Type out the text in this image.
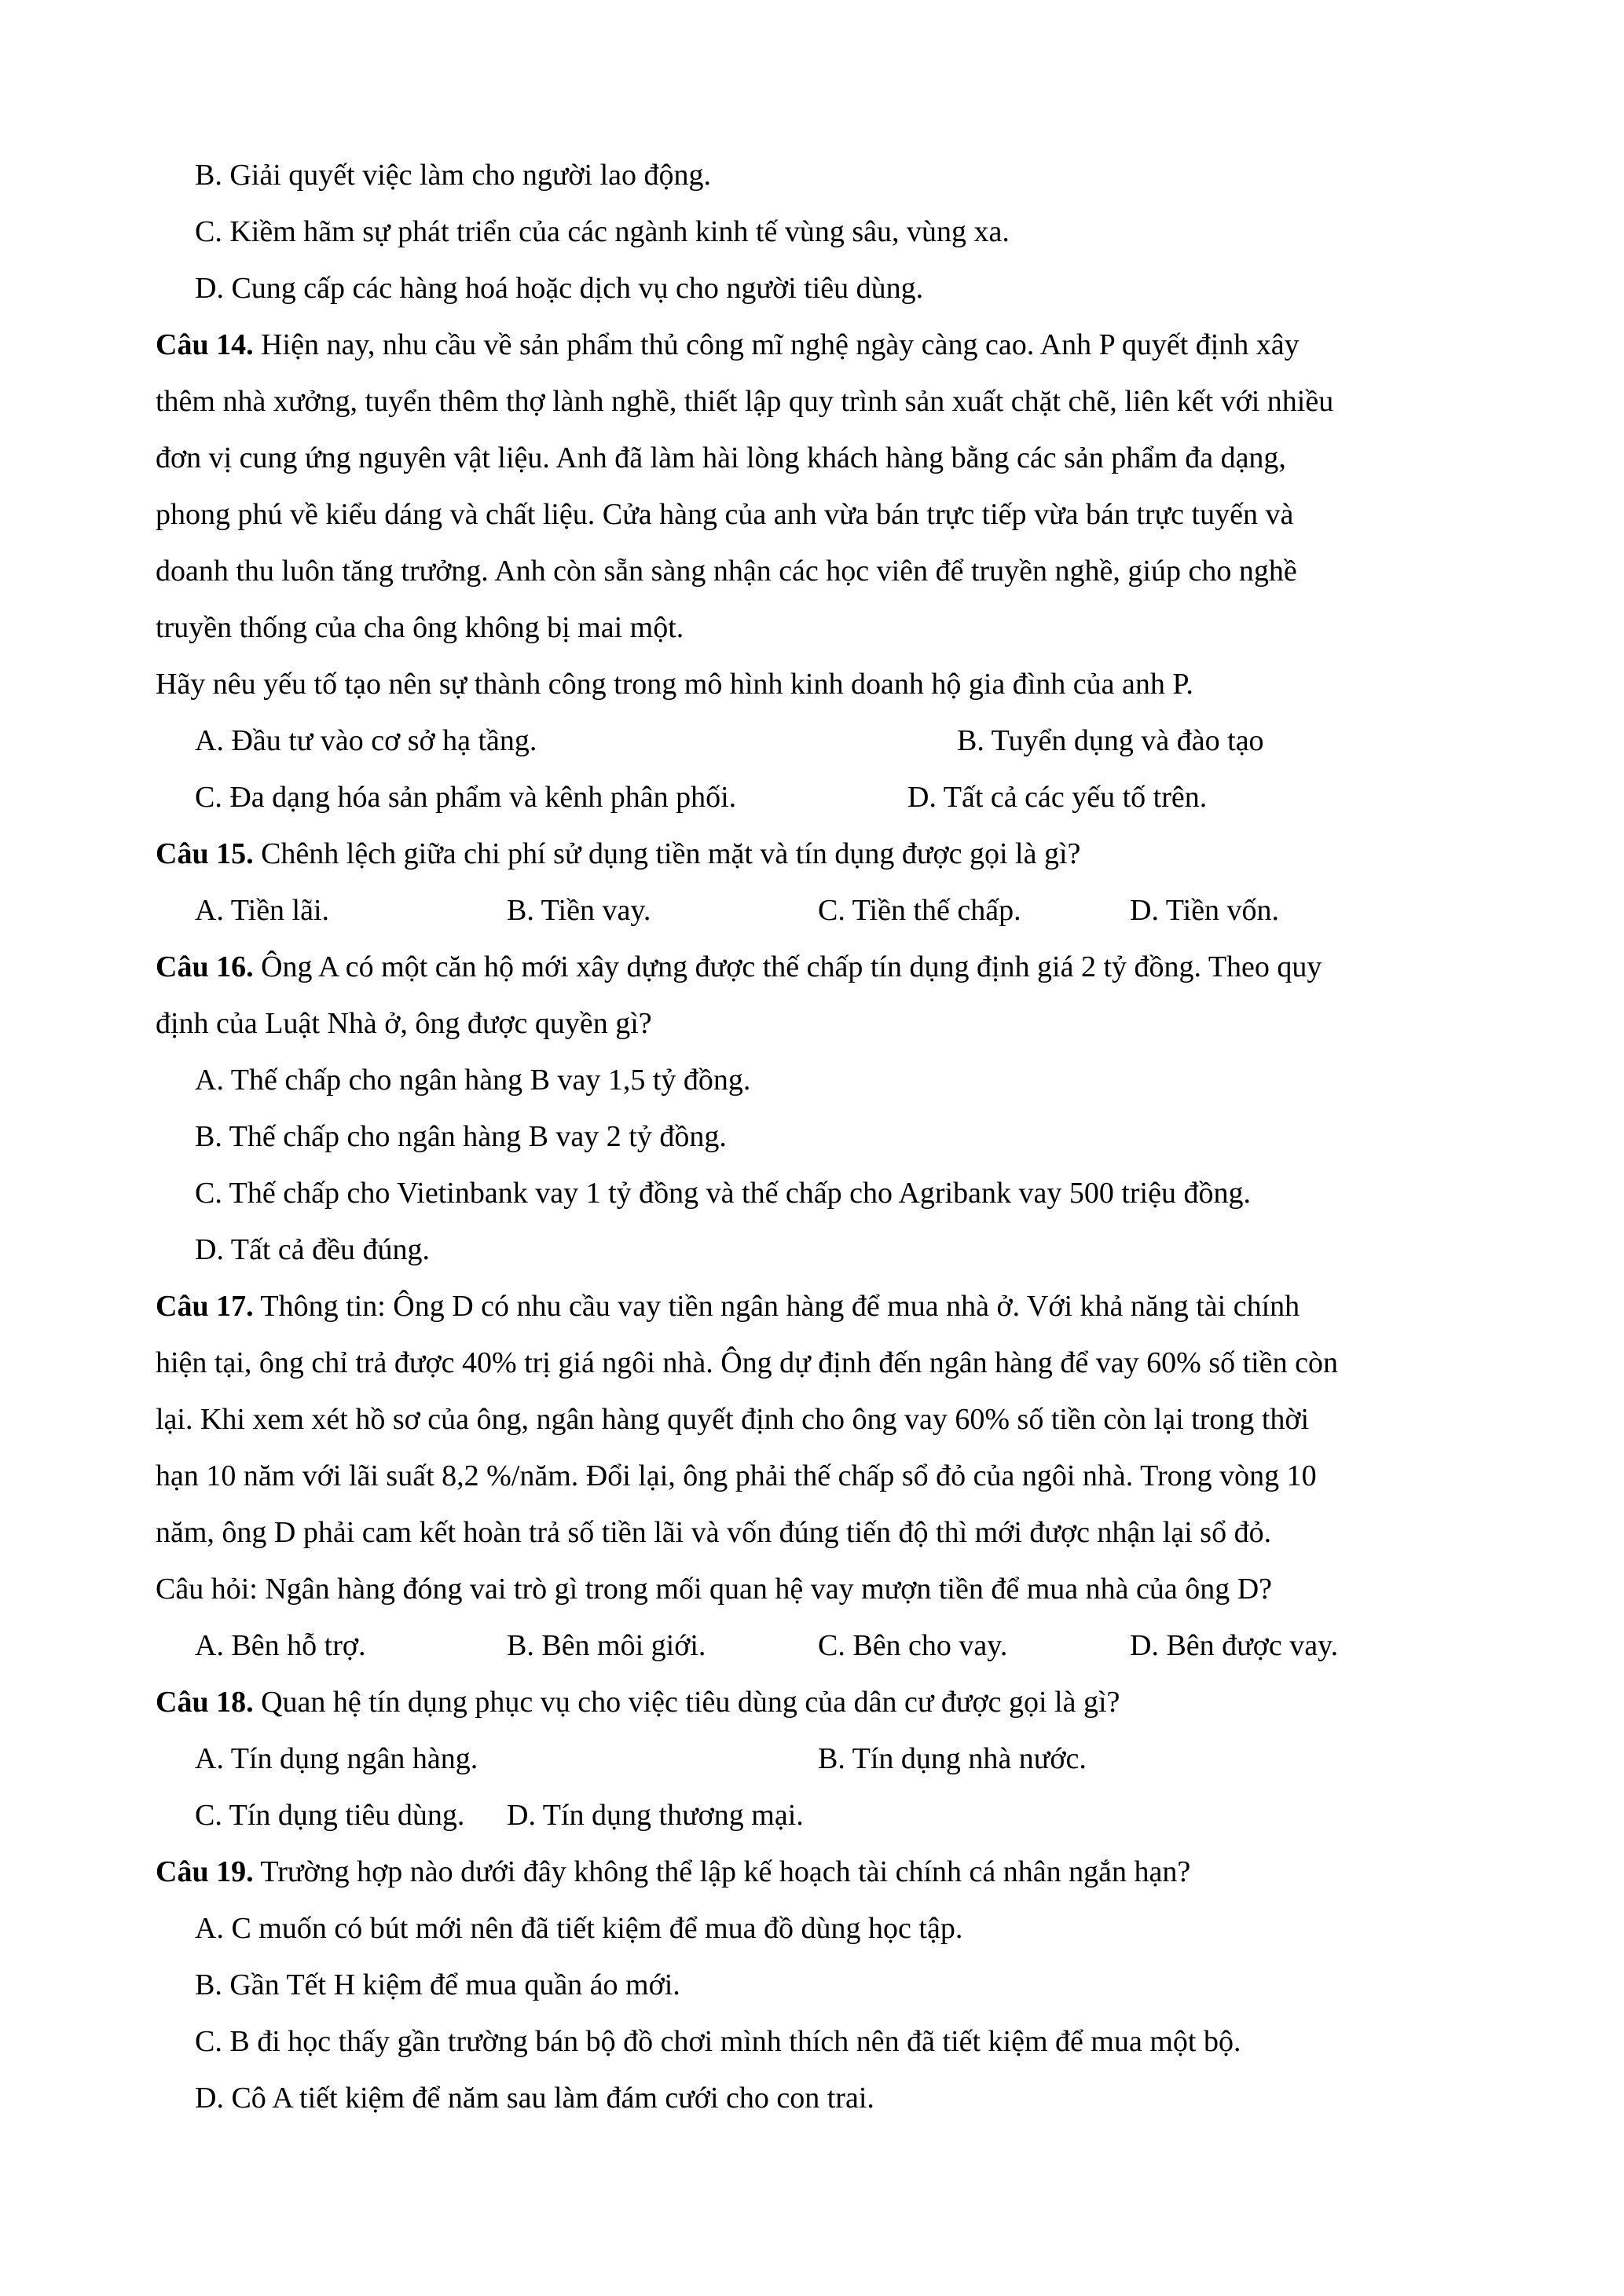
B. Giải quyết việc làm cho người lao động.
C. Kiềm hãm sự phát triển của các ngành kinh tế vùng sâu, vùng xa.
D. Cung cấp các hàng hoá hoặc dịch vụ cho người tiêu dùng.
Câu 14. Hiện nay, nhu cầu về sản phẩm thủ công mĩ nghệ ngày càng cao. Anh P quyết định xây
thêm nhà xưởng, tuyển thêm thợ lành nghề, thiết lập quy trình sản xuất chặt chẽ, liên kết với nhiều
đơn vị cung ứng nguyên vật liệu. Anh đã làm hài lòng khách hàng bằng các sản phẩm đa dạng,
phong phú về kiểu dáng và chất liệu. Cửa hàng của anh vừa bán trực tiếp vừa bán trực tuyến và
doanh thu luôn tăng trưởng. Anh còn sẵn sàng nhận các học viên để truyền nghề, giúp cho nghề
truyền thống của cha ông không bị mai một.
Hãy nêu yếu tố tạo nên sự thành công trong mô hình kinh doanh hộ gia đình của anh P.
A. Đầu tư vào cơ sở hạ tầng.	B. Tuyển dụng và đào tạo
C. Đa dạng hóa sản phẩm và kênh phân phối.	D. Tất cả các yếu tố trên.
Câu 15. Chênh lệch giữa chi phí sử dụng tiền mặt và tín dụng được gọi là gì?
A. Tiền lãi.	B. Tiền vay.	C. Tiền thế chấp.	D. Tiền vốn.
Câu 16. Ông A có một căn hộ mới xây dựng được thế chấp tín dụng định giá 2 tỷ đồng. Theo quy
định của Luật Nhà ở, ông được quyền gì?
A. Thế chấp cho ngân hàng B vay 1,5 tỷ đồng.
B. Thế chấp cho ngân hàng B vay 2 tỷ đồng.
C. Thế chấp cho Vietinbank vay 1 tỷ đồng và thế chấp cho Agribank vay 500 triệu đồng.
D. Tất cả đều đúng.
Câu 17. Thông tin: Ông D có nhu cầu vay tiền ngân hàng để mua nhà ở. Với khả năng tài chính
hiện tại, ông chỉ trả được 40% trị giá ngôi nhà. Ông dự định đến ngân hàng để vay 60% số tiền còn
lại. Khi xem xét hồ sơ của ông, ngân hàng quyết định cho ông vay 60% số tiền còn lại trong thời
hạn 10 năm với lãi suất 8,2 %/năm. Đổi lại, ông phải thế chấp sổ đỏ của ngôi nhà. Trong vòng 10
năm, ông D phải cam kết hoàn trả số tiền lãi và vốn đúng tiến độ thì mới được nhận lại sổ đỏ.
Câu hỏi: Ngân hàng đóng vai trò gì trong mối quan hệ vay mượn tiền để mua nhà của ông D?
A. Bên hỗ trợ.	B. Bên môi giới.	C. Bên cho vay.	D. Bên được vay.
Câu 18. Quan hệ tín dụng phục vụ cho việc tiêu dùng của dân cư được gọi là gì?
A. Tín dụng ngân hàng.	B. Tín dụng nhà nước.
C. Tín dụng tiêu dùng. D. Tín dụng thương mại.
Câu 19. Trường hợp nào dưới đây không thể lập kế hoạch tài chính cá nhân ngắn hạn?
A. C muốn có bút mới nên đã tiết kiệm để mua đồ dùng học tập.
B. Gần Tết H kiệm để mua quần áo mới.
C. B đi học thấy gần trường bán bộ đồ chơi mình thích nên đã tiết kiệm để mua một bộ.
D. Cô A tiết kiệm để năm sau làm đám cưới cho con trai.
